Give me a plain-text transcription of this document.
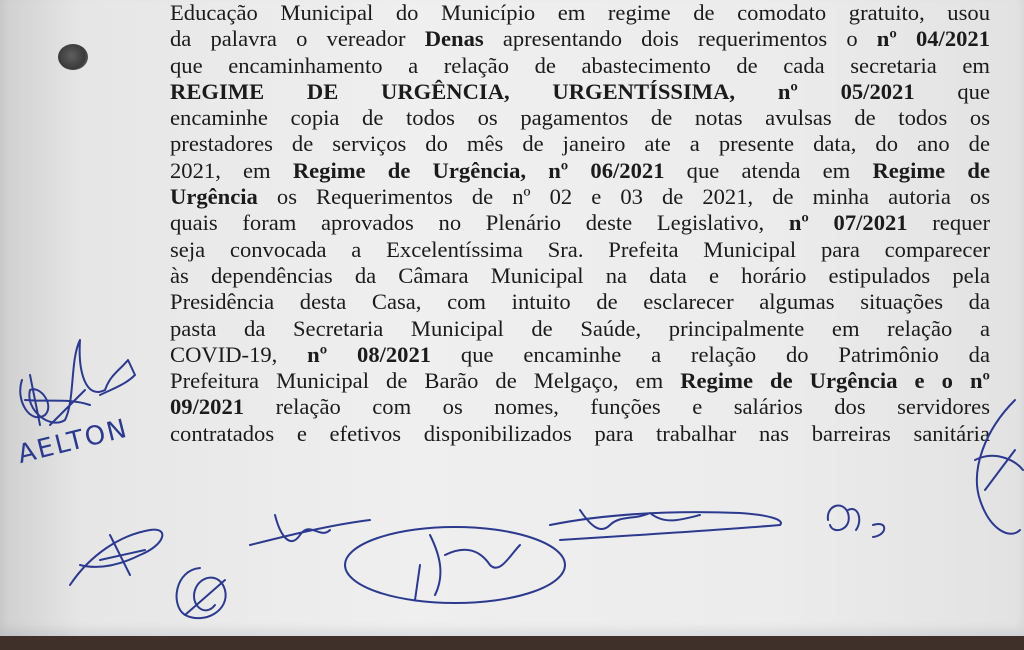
Educação Municipal do Município em regime de comodato gratuito, usou
da palavra o vereador Denas apresentando dois requerimentos o nº 04/2021
que encaminhamento a relação de abastecimento de cada secretaria em
REGIME DE URGÊNCIA, URGENTÍSSIMA, nº 05/2021 que
encaminhe copia de todos os pagamentos de notas avulsas de todos os
prestadores de serviços do mês de janeiro ate a presente data, do ano de
2021, em Regime de Urgência, nº 06/2021 que atenda em Regime de
Urgência os Requerimentos de nº 02 e 03 de 2021, de minha autoria os
quais foram aprovados no Plenário deste Legislativo, nº 07/2021 requer
seja convocada a Excelentíssima Sra. Prefeita Municipal para comparecer
às dependências da Câmara Municipal na data e horário estipulados pela
Presidência desta Casa, com intuito de esclarecer algumas situações da
pasta da Secretaria Municipal de Saúde, principalmente em relação a
COVID-19, nº 08/2021 que encaminhe a relação do Patrimônio da
Prefeitura Municipal de Barão de Melgaço, em Regime de Urgência e o nº
09/2021 relação com os nomes, funções e salários dos servidores
contratados e efetivos disponibilizados para trabalhar nas barreiras sanitária
AELTON
